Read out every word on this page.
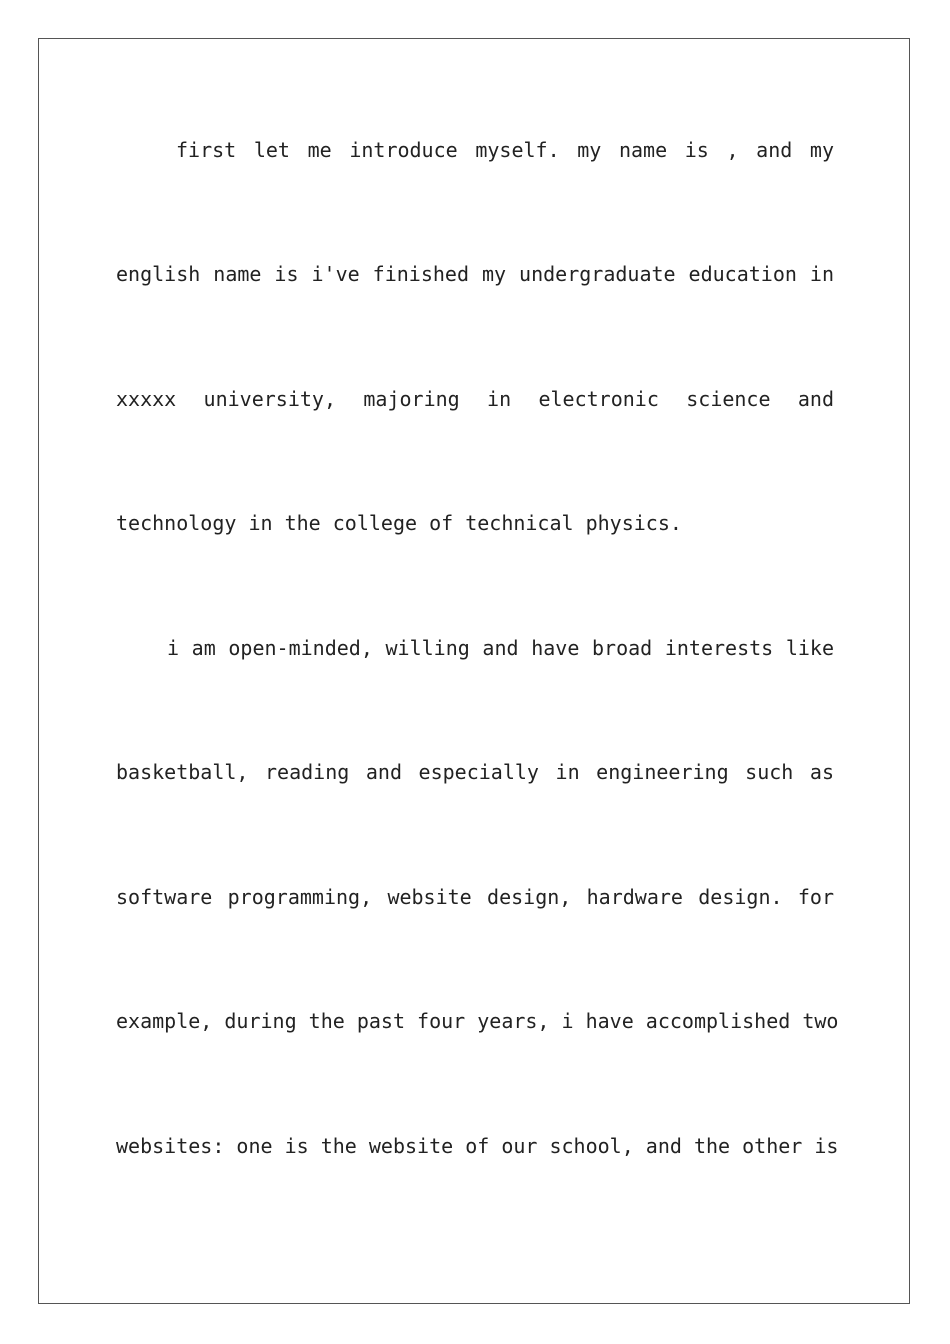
first let me introduce myself. my name is , and my
english name is i've finished my undergraduate education in
xxxxx university, majoring in electronic science and
technology in the college of technical physics.
i am open-minded, willing and have broad interests like
basketball, reading and especially in engineering such as
software programming, website design, hardware design. for
example, during the past four years, i have accomplished two
websites: one is the website of our school, and the other is
